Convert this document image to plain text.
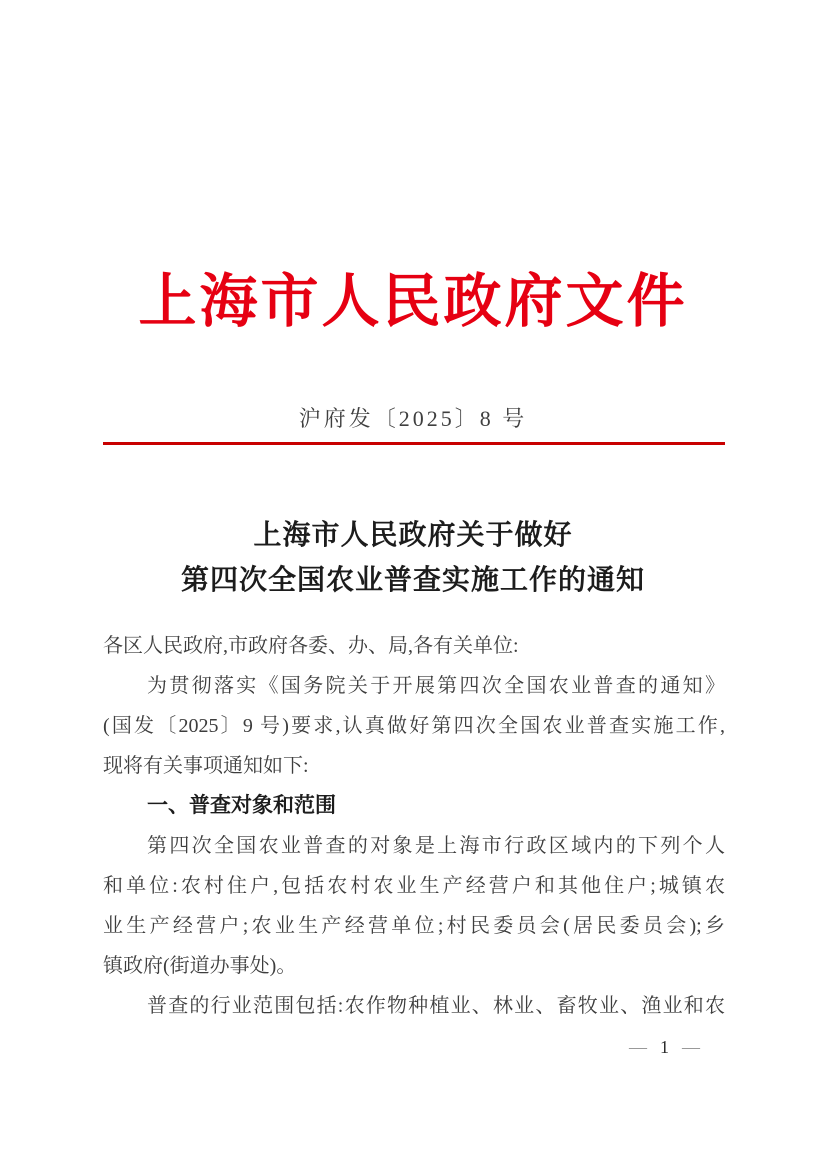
上海市人民政府文件
沪府发〔2025〕8 号
上海市人民政府关于做好
第四次全国农业普查实施工作的通知
各区人民政府,市政府各委、办、局,各有关单位:
为贯彻落实《国务院关于开展第四次全国农业普查的通知》
(国发〔2025〕9 号)要求,认真做好第四次全国农业普查实施工作,
现将有关事项通知如下:
一、普查对象和范围
第四次全国农业普查的对象是上海市行政区域内的下列个人
和单位:农村住户,包括农村农业生产经营户和其他住户;城镇农
业生产经营户;农业生产经营单位;村民委员会(居民委员会);乡
镇政府(街道办事处)。
普查的行业范围包括:农作物种植业、林业、畜牧业、渔业和农
— 1 —
